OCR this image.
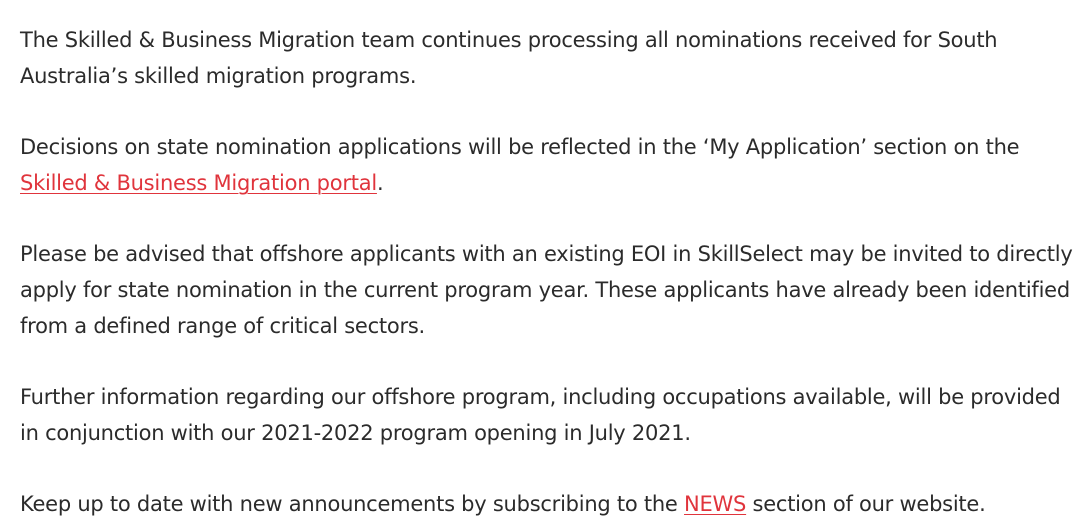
The Skilled & Business Migration team continues processing all nominations received for South Australia’s skilled migration programs.

Decisions on state nomination applications will be reflected in the ‘My Application’ section on the Skilled & Business Migration portal.

Please be advised that offshore applicants with an existing EOI in SkillSelect may be invited to directly apply for state nomination in the current program year. These applicants have already been identified from a defined range of critical sectors.

Further information regarding our offshore program, including occupations available, will be provided in conjunction with our 2021-2022 program opening in July 2021.

Keep up to date with new announcements by subscribing to the NEWS section of our website.
